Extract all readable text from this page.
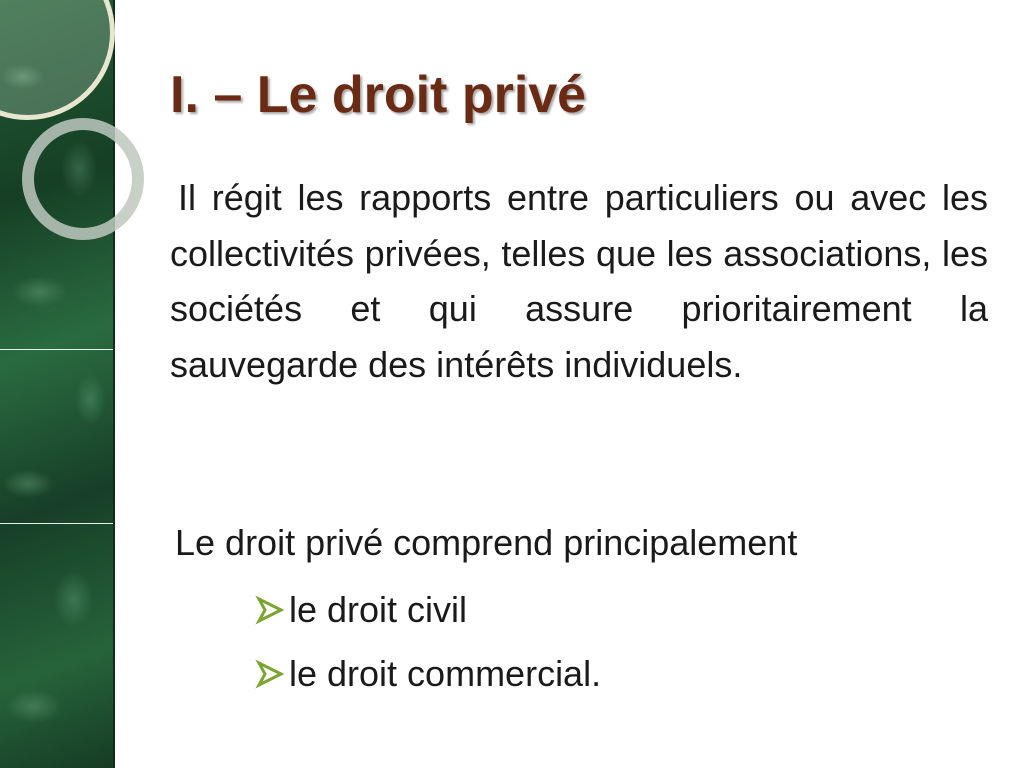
I. – Le droit privé

Il régit les rapports entre particuliers ou avec les collectivités privées, telles que les associations, les sociétés et qui assure prioritairement la sauvegarde des intérêts individuels.

Le droit privé comprend principalement

le droit civil
le droit commercial.
